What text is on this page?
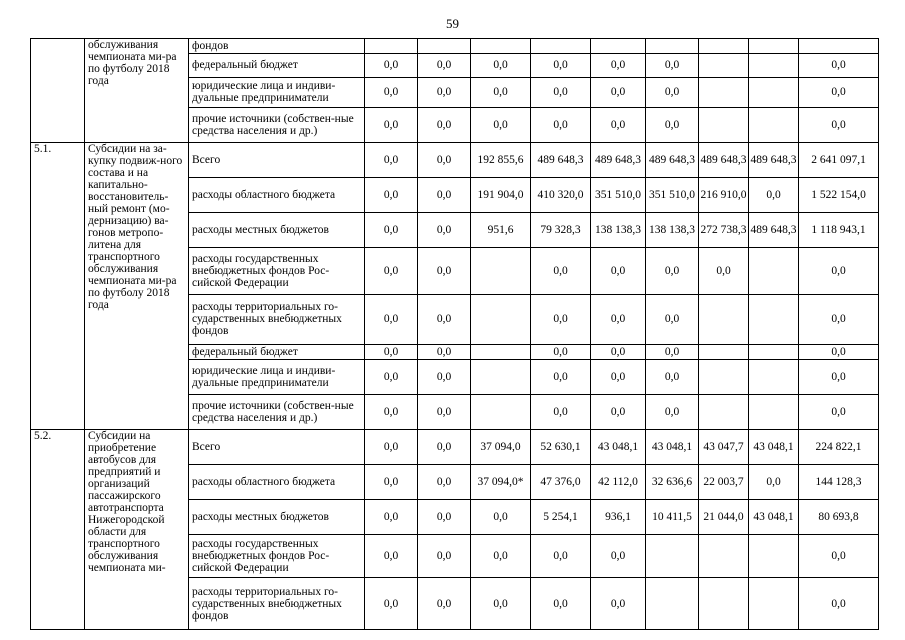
59
	обслуживания чемпионата ми-ра по футболу 2018 года	фондов									
		федеральный бюджет	0,0	0,0	0,0	0,0	0,0	0,0			0,0
		юридические лица и индиви-дуальные предприниматели	0,0	0,0	0,0	0,0	0,0	0,0			0,0
		прочие источники (собствен-ные средства населения и др.)	0,0	0,0	0,0	0,0	0,0	0,0			0,0
5.1.	Субсидии на за-купку подвиж-ного состава и на капитально-восстановитель-ный ремонт (мо-дернизацию) ва-гонов метропо-литена для транспортного обслуживания чемпионата ми-ра по футболу 2018 года	Всего	0,0	0,0	192 855,6	489 648,3	489 648,3	489 648,3	489 648,3	489 648,3	2 641 097,1
		расходы областного бюджета	0,0	0,0	191 904,0	410 320,0	351 510,0	351 510,0	216 910,0	0,0	1 522 154,0
		расходы местных бюджетов	0,0	0,0	951,6	79 328,3	138 138,3	138 138,3	272 738,3	489 648,3	1 118 943,1
		расходы государственных внебюджетных фондов Рос-сийской Федерации	0,0	0,0		0,0	0,0	0,0	0,0		0,0
		расходы территориальных го-сударственных внебюджетных фондов	0,0	0,0		0,0	0,0	0,0			0,0
		федеральный бюджет	0,0	0,0		0,0	0,0	0,0			0,0
		юридические лица и индиви-дуальные предприниматели	0,0	0,0		0,0	0,0	0,0			0,0
		прочие источники (собствен-ные средства населения и др.)	0,0	0,0		0,0	0,0	0,0			0,0
5.2.	Субсидии на приобретение автобусов для предприятий и организаций пассажирского автотранспорта Нижегородской области для транспортного обслуживания чемпионата ми-	Всего	0,0	0,0	37 094,0	52 630,1	43 048,1	43 048,1	43 047,7	43 048,1	224 822,1
		расходы областного бюджета	0,0	0,0	37 094,0*	47 376,0	42 112,0	32 636,6	22 003,7	0,0	144 128,3
		расходы местных бюджетов	0,0	0,0	0,0	5 254,1	936,1	10 411,5	21 044,0	43 048,1	80 693,8
		расходы государственных внебюджетных фондов Рос-сийской Федерации	0,0	0,0	0,0	0,0	0,0				0,0
		расходы территориальных го-сударственных внебюджетных фондов	0,0	0,0	0,0	0,0	0,0				0,0
